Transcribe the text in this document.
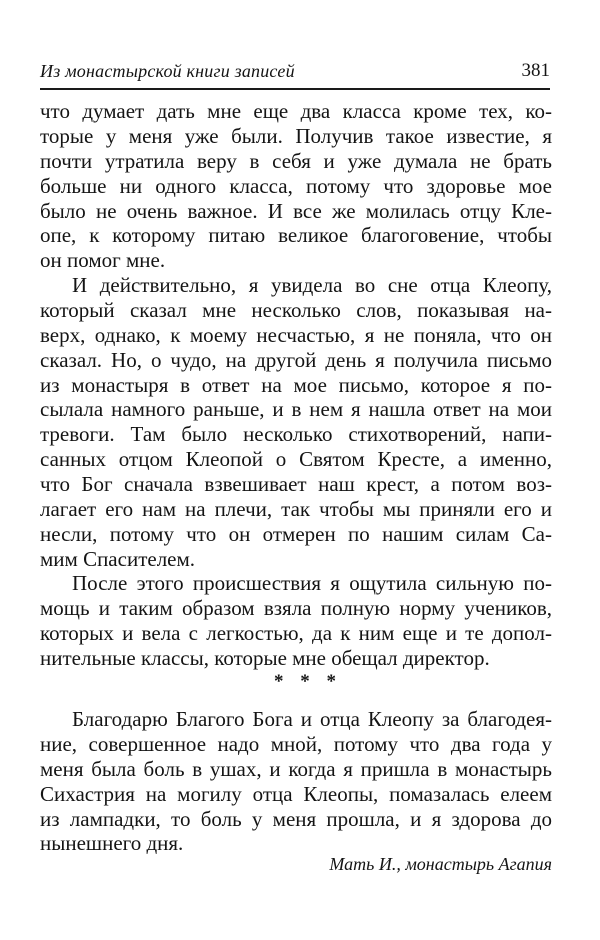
Из монастырской книги записей	381
что думает дать мне еще два класса кроме тех, ко-
торые у меня уже были. Получив такое известие, я
почти утратила веру в себя и уже думала не брать
больше ни одного класса, потому что здоровье мое
было не очень важное. И все же молилась отцу Кле-
опе, к которому питаю великое благоговение, чтобы
он помог мне.
И действительно, я увидела во сне отца Клеопу,
который сказал мне несколько слов, показывая на-
верх, однако, к моему несчастью, я не поняла, что он
сказал. Но, о чудо, на другой день я получила письмо
из монастыря в ответ на мое письмо, которое я по-
сылала намного раньше, и в нем я нашла ответ на мои
тревоги. Там было несколько стихотворений, напи-
санных отцом Клеопой о Святом Кресте, а именно,
что Бог сначала взвешивает наш крест, а потом воз-
лагает его нам на плечи, так чтобы мы приняли его и
несли, потому что он отмерен по нашим силам Са-
мим Спасителем.
После этого происшествия я ощутила сильную по-
мощь и таким образом взяла полную норму учеников,
которых и вела с легкостью, да к ним еще и те допол-
нительные классы, которые мне обещал директор.
* * *
Благодарю Благого Бога и отца Клеопу за благодея-
ние, совершенное надо мной, потому что два года у
меня была боль в ушах, и когда я пришла в монастырь
Сихастрия на могилу отца Клеопы, помазалась елеем
из лампадки, то боль у меня прошла, и я здорова до
нынешнего дня.
Мать И., монастырь Агапия
